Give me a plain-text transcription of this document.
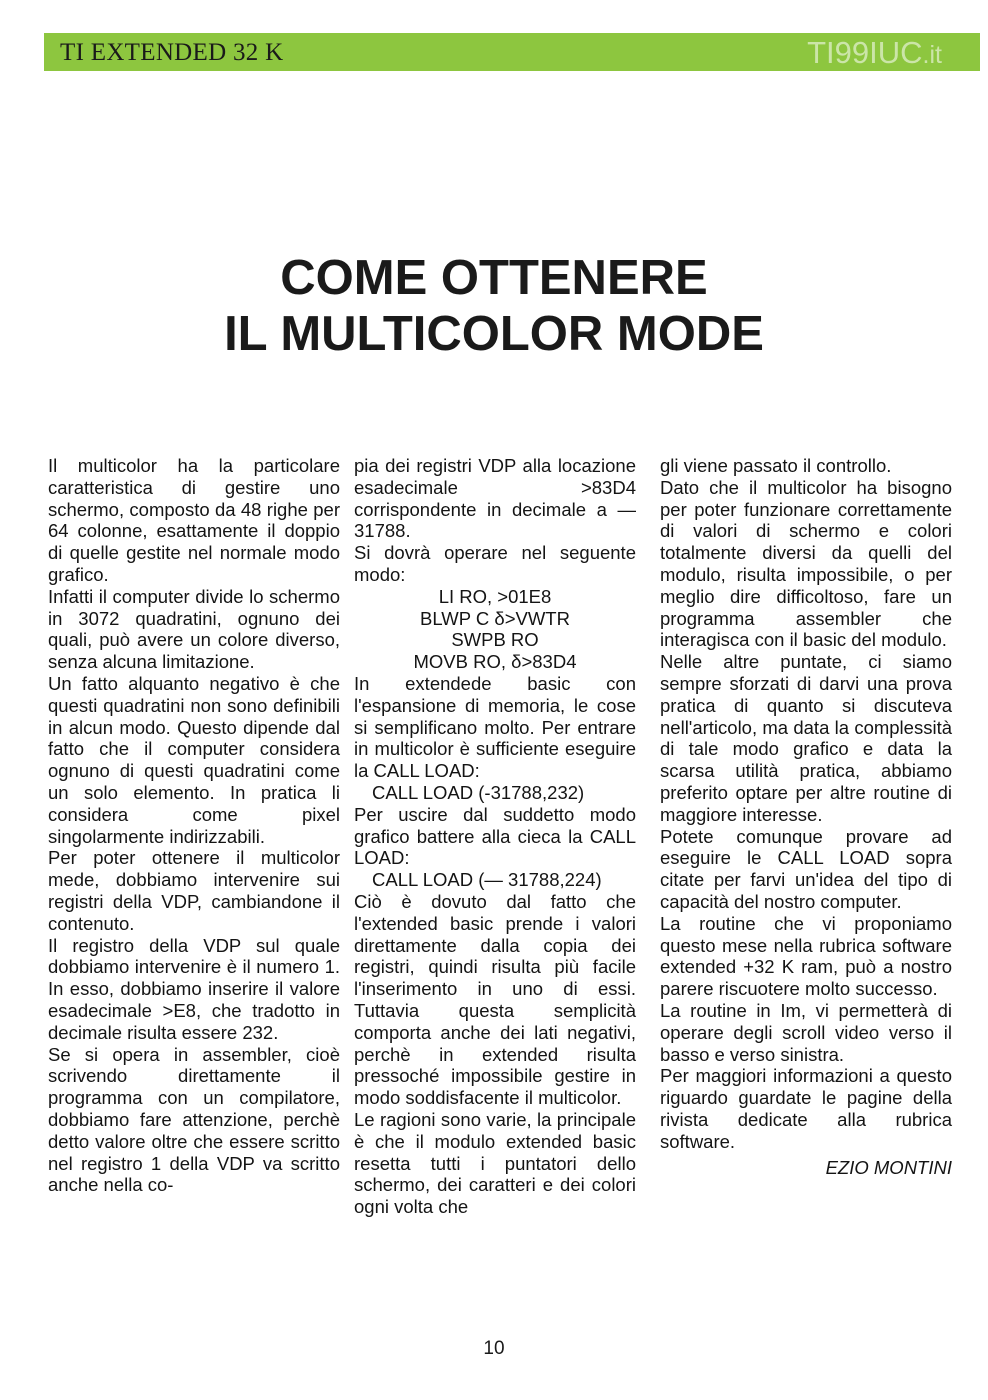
TI EXTENDED 32 K	TI99IUC.it
COME OTTENERE
IL MULTICOLOR MODE

Il multicolor ha la particolare caratteristica di gestire uno schermo, composto da 48 righe per 64 colonne, esattamente il doppio di quelle gestite nel normale modo grafico.

Infatti il computer divide lo schermo in 3072 quadratini, ognuno dei quali, può avere un colore diverso, senza alcuna limitazione.

Un fatto alquanto negativo è che questi quadratini non sono definibili in alcun modo. Questo dipende dal fatto che il computer considera ognuno di questi quadratini come un solo elemento. In pratica li considera come pixel singolarmente indirizzabili.

Per poter ottenere il multicolor mede, dobbiamo intervenire sui registri della VDP, cambiandone il contenuto.

Il registro della VDP sul quale dobbiamo intervenire è il numero 1. In esso, dobbiamo inserire il valore esadecimale >E8, che tradotto in decimale risulta essere 232.

Se si opera in assembler, cioè scrivendo direttamente il programma con un compilatore, dobbiamo fare attenzione, perchè detto valore oltre che essere scritto nel registro 1 della VDP va scritto anche nella co-

pia dei registri VDP alla locazione esadecimale >83D4 corrispondente in decimale a — 31788.

Si dovrà operare nel seguente modo:

LI RO, >01E8

BLWP C δ>VWTR

SWPB RO

MOVB RO, δ>83D4

In extendede basic con l'espansione di memoria, le cose si semplificano molto. Per entrare in multicolor è sufficiente eseguire la CALL LOAD:

CALL LOAD (-31788,232)

Per uscire dal suddetto modo grafico battere alla cieca la CALL LOAD:

CALL LOAD (— 31788,224)

Ciò è dovuto dal fatto che l'extended basic prende i valori direttamente dalla copia dei registri, quindi risulta più facile l'inserimento in uno di essi. Tuttavia questa semplicità comporta anche dei lati negativi, perchè in extended risulta pressoché impossibile gestire in modo soddisfacente il multicolor.

Le ragioni sono varie, la principale è che il modulo extended basic resetta tutti i puntatori dello schermo, dei caratteri e dei colori ogni volta che

gli viene passato il controllo.

Dato che il multicolor ha bisogno per poter funzionare correttamente di valori di schermo e colori totalmente diversi da quelli del modulo, risulta impossibile, o per meglio dire difficoltoso, fare un programma assembler che interagisca con il basic del modulo.

Nelle altre puntate, ci siamo sempre sforzati di darvi una prova pratica di quanto si discuteva nell'articolo, ma data la complessità di tale modo grafico e data la scarsa utilità pratica, abbiamo preferito optare per altre routine di maggiore interesse.

Potete comunque provare ad eseguire le CALL LOAD sopra citate per farvi un'idea del tipo di capacità del nostro computer.

La routine che vi proponiamo questo mese nella rubrica software extended +32 K ram, può a nostro parere riscuotere molto successo.

La routine in Im, vi permetterà di operare degli scroll video verso il basso e verso sinistra.

Per maggiori informazioni a questo riguardo guardate le pagine della rivista dedicate alla rubrica software.

EZIO MONTINI

10
